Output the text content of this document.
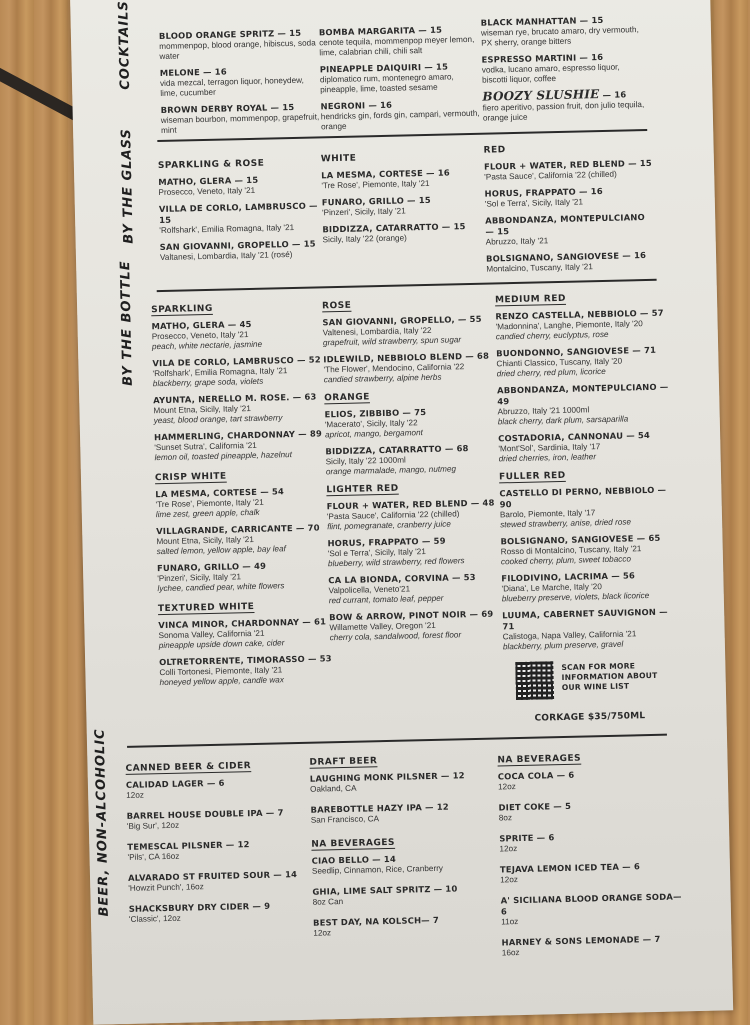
COCKTAILS	BLOOD ORANGE SPRITZ — 15
mommenpop, blood orange, hibiscus, soda water
MELONE — 16
vida mezcal, terragon liquor, honeydew, lime, cucumber
BROWN DERBY ROYAL — 15
wiseman bourbon, mommenpop, grapefruit, mint
BOMBA MARGARITA — 15
cenote tequila, mommenpop meyer lemon, lime, calabrian chili, chili salt
PINEAPPLE DAIQUIRI — 15
diplomatico rum, montenegro amaro, pineapple, lime, toasted sesame
NEGRONI — 16
hendricks gin, fords gin, campari, vermouth, orange
BLACK MANHATTAN — 15
wiseman rye, brucato amaro, dry vermouth, PX sherry, orange bitters
ESPRESSO MARTINI — 16
vodka, lucano amaro, espresso liquor, biscotti liquor, coffee
BOOZY SLUSHIE — 16
fiero aperitivo, passion fruit, don julio tequila, orange juice
BY THE GLASS SPARKLING & ROSE
MATHO, GLERA — 15
Prosecco, Veneto, Italy '21
VILLA DE CORLO, LAMBRUSCO — 15
'Rolfshark', Emilia Romagna, Italy '21
SAN GIOVANNI, GROPELLO — 15
Valtanesi, Lombardia, Italy '21 (rosé)
WHITE
LA MESMA, CORTESE — 16
'Tre Rose', Piemonte, Italy '21
FUNARO, GRILLO — 15
'Pinzeri', Sicily, Italy '21
BIDDIZZA, CATARRATTO — 15
Sicily, Italy '22 (orange)
RED
FLOUR + WATER, RED BLEND — 15
'Pasta Sauce', California '22 (chilled)
HORUS, FRAPPATO — 16
'Sol e Terra', Sicily, Italy '21
ABBONDANZA, MONTEPULCIANO — 15
Abruzzo, Italy '21
BOLSIGNANO, SANGIOVESE — 16
Montalcino, Tuscany, Italy '21
BY THE BOTTLE SPARKLING
MATHO, GLERA — 45
Prosecco, Veneto, Italy '21
peach, white nectarie, jasmine
VILA DE CORLO, LAMBRUSCO — 52
'Rolfshark', Emilia Romagna, Italy '21
blackberry, grape soda, violets
AYUNTA, NERELLO M. ROSE. — 63
Mount Etna, Sicily, Italy '21
yeast, blood orange, tart strawberry
HAMMERLING, CHARDONNAY — 89
'Sunset Sutra', California '21
lemon oil, toasted pineapple, hazelnut
CRISP WHITE
LA MESMA, CORTESE — 54
'Tre Rose', Piemonte, Italy '21
lime zest, green apple, chalk
VILLAGRANDE, CARRICANTE — 70
Mount Etna, Sicily, Italy '21
salted lemon, yellow apple, bay leaf
FUNARO, GRILLO — 49
'Pinzeri', Sicily, Italy '21
lychee, candied pear, white flowers
TEXTURED WHITE
VINCA MINOR, CHARDONNAY — 61
Sonoma Valley, California '21
pineapple upside down cake, cider
OLTRETORRENTE, TIMORASSO — 53
Colli Tortonesi, Piemonte, Italy '21
honeyed yellow apple, candle wax
ROSE
SAN GIOVANNI, GROPELLO, — 55
Valtenesi, Lombardia, Italy '22
grapefruit, wild strawberry, spun sugar
IDLEWILD, NEBBIOLO BLEND — 68
'The Flower', Mendocino, California '22
candied strawberry, alpine herbs
ORANGE
ELIOS, ZIBBIBO — 75
'Macerato', Sicily, Italy '22
apricot, mango, bergamont
BIDDIZZA, CATARRATTO — 68
Sicily, Italy '22 1000ml
orange marmalade, mango, nutmeg
LIGHTER RED
FLOUR + WATER, RED BLEND — 48
'Pasta Sauce', California '22 (chilled)
flint, pomegranate, cranberry juice
HORUS, FRAPPATO — 59
'Sol e Terra', Sicily, Italy '21
blueberry, wild strawberry, red flowers
CA LA BIONDA, CORVINA — 53
Valpolicella, Veneto'21
red currant, tomato leaf, pepper
BOW & ARROW, PINOT NOIR — 69
Willamette Valley, Oregon '21
cherry cola, sandalwood, forest floor
MEDIUM RED
RENZO CASTELLA, NEBBIOLO — 57
'Madonnina', Langhe, Piemonte, Italy '20
candied cherry, euclyptus, rose
BUONDONNO, SANGIOVESE — 71
Chianti Classico, Tuscany, Italy '20
dried cherry, red plum, licorice
ABBONDANZA, MONTEPULCIANO — 49
Abruzzo, Italy '21 1000ml
black cherry, dark plum, sarsaparilla
COSTADORIA, CANNONAU — 54
'Mont'Sol', Sardinia, Italy '17
dried cherries, iron, leather
FULLER RED
CASTELLO DI PERNO, NEBBIOLO — 90
Barolo, Piemonte, Italy '17
stewed strawberry, anise, dried rose
BOLSIGNANO, SANGIOVESE — 65
Rosso di Montalcino, Tuscany, Italy '21
cooked cherry, plum, sweet tobacco
FILODIVINO, LACRIMA — 56
'Diana', Le Marche, Italy '20
blueberry preserve, violets, black licorice
LUUMA, CABERNET SAUVIGNON — 71
Calistoga, Napa Valley, California '21
blackberry, plum preserve, gravel
SCAN FOR MORE INFORMATION ABOUT OUR WINE LIST
CORKAGE $35/750ML
BEER, NON-ALCOHOLIC CANNED BEER & CIDER
CALIDAD LAGER — 6
12oz
BARREL HOUSE DOUBLE IPA — 7
'Big Sur', 12oz
TEMESCAL PILSNER — 12
'Pils', CA 16oz
ALVARADO ST FRUITED SOUR — 14
'Howzit Punch', 16oz
SHACKSBURY DRY CIDER — 9
'Classic', 12oz
DRAFT BEER
LAUGHING MONK PILSNER — 12
Oakland, CA
BAREBOTTLE HAZY IPA — 12
San Francisco, CA
NA BEVERAGES
CIAO BELLO — 14
Seedlip, Cinnamon, Rice, Cranberry
GHIA, LIME SALT SPRITZ — 10
8oz Can
BEST DAY, NA KOLSCH— 7
12oz
NA BEVERAGES
COCA COLA — 6
12oz
DIET COKE — 5
8oz
SPRITE — 6
12oz
TEJAVA LEMON ICED TEA — 6
12oz
A' SICILIANA BLOOD ORANGE SODA— 6
11oz
HARNEY & SONS LEMONADE — 7
16oz
